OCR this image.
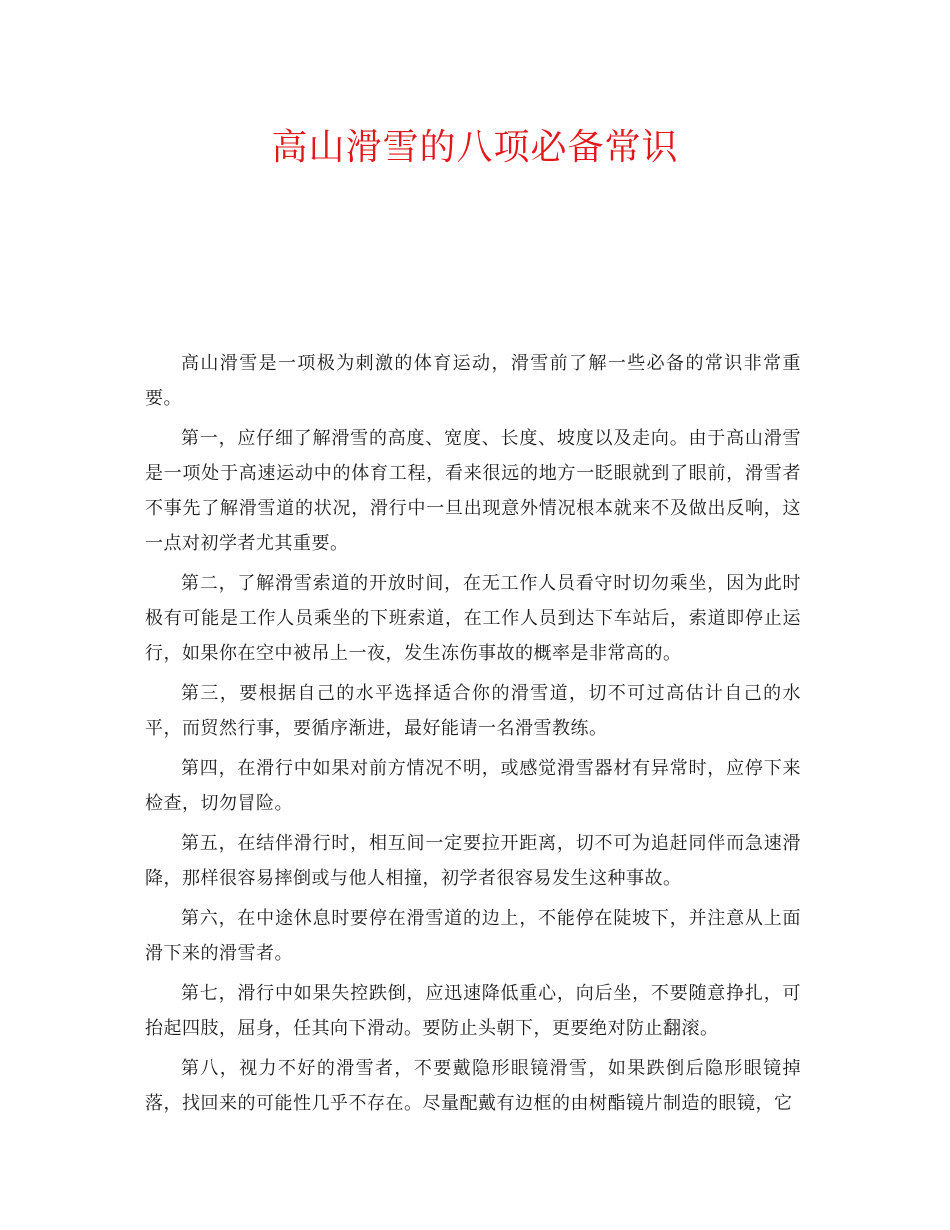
高山滑雪的八项必备常识

高山滑雪是一项极为刺激的体育运动，滑雪前了解一些必备的常识非常重要。

第一，应仔细了解滑雪的高度、宽度、长度、坡度以及走向。由于高山滑雪是一项处于高速运动中的体育工程，看来很远的地方一眨眼就到了眼前，滑雪者不事先了解滑雪道的状况，滑行中一旦出现意外情况根本就来不及做出反响，这一点对初学者尤其重要。

第二，了解滑雪索道的开放时间，在无工作人员看守时切勿乘坐，因为此时极有可能是工作人员乘坐的下班索道，在工作人员到达下车站后，索道即停止运行，如果你在空中被吊上一夜，发生冻伤事故的概率是非常高的。

第三，要根据自己的水平选择适合你的滑雪道，切不可过高估计自己的水平，而贸然行事，要循序渐进，最好能请一名滑雪教练。

第四，在滑行中如果对前方情况不明，或感觉滑雪器材有异常时，应停下来检查，切勿冒险。

第五，在结伴滑行时，相互间一定要拉开距离，切不可为追赶同伴而急速滑降，那样很容易摔倒或与他人相撞，初学者很容易发生这种事故。

第六，在中途休息时要停在滑雪道的边上，不能停在陡坡下，并注意从上面滑下来的滑雪者。

第七，滑行中如果失控跌倒，应迅速降低重心，向后坐，不要随意挣扎，可抬起四肢，屈身，任其向下滑动。要防止头朝下，更要绝对防止翻滚。

第八，视力不好的滑雪者，不要戴隐形眼镜滑雪，如果跌倒后隐形眼镜掉落，找回来的可能性几乎不存在。尽量配戴有边框的由树酯镜片制造的眼镜，它
